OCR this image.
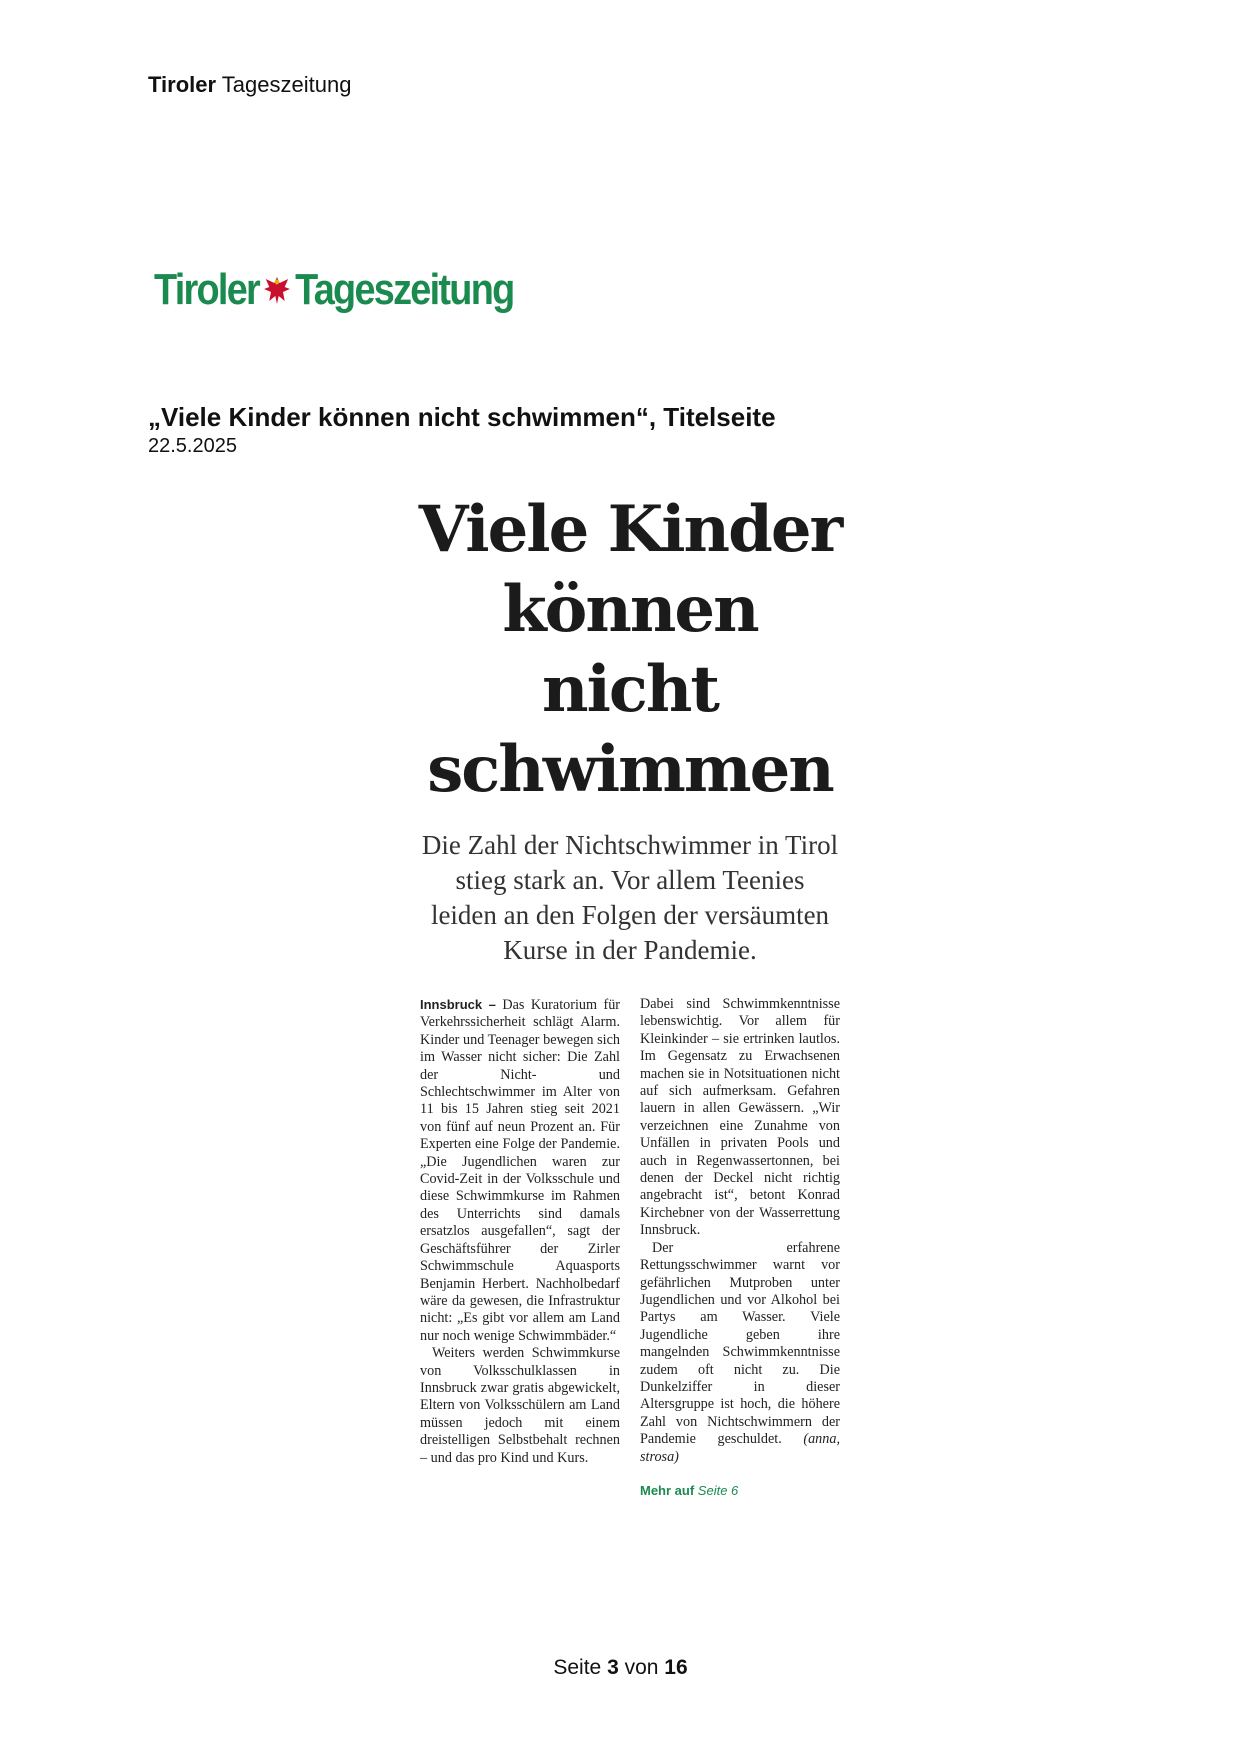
Tiroler Tageszeitung
Tiroler Tageszeitung
„Viele Kinder können nicht schwimmen“, Titelseite
22.5.2025
Viele Kinder können nicht schwimmen
Die Zahl der Nichtschwimmer in Tirol stieg stark an. Vor allem Teenies leiden an den Folgen der versäumten Kurse in der Pandemie.

Innsbruck – Das Kuratorium für Verkehrssicherheit schlägt Alarm. Kinder und Teenager bewegen sich im Wasser nicht sicher: Die Zahl der Nicht- und Schlechtschwimmer im Alter von 11 bis 15 Jahren stieg seit 2021 von fünf auf neun Prozent an. Für Experten eine Folge der Pandemie. „Die Jugendlichen waren zur Covid-Zeit in der Volksschule und diese Schwimmkurse im Rahmen des Unterrichts sind damals ersatzlos ausgefallen“, sagt der Geschäftsführer der Zirler Schwimmschule Aquasports Benjamin Herbert. Nachholbedarf wäre da gewesen, die Infrastruktur nicht: „Es gibt vor allem am Land nur noch wenige Schwimmbäder.“

Weiters werden Schwimmkurse von Volksschulklassen in Innsbruck zwar gratis abgewickelt, Eltern von Volksschülern am Land müssen jedoch mit einem dreistelligen Selbstbehalt rechnen – und das pro Kind und Kurs.

Dabei sind Schwimmkenntnisse lebenswichtig. Vor allem für Kleinkinder – sie ertrinken lautlos. Im Gegensatz zu Erwachsenen machen sie in Notsituationen nicht auf sich aufmerksam. Gefahren lauern in allen Gewässern. „Wir verzeichnen eine Zunahme von Unfällen in privaten Pools und auch in Regenwassertonnen, bei denen der Deckel nicht richtig angebracht ist“, betont Konrad Kirchebner von der Wasserrettung Innsbruck.

Der erfahrene Rettungsschwimmer warnt vor gefährlichen Mutproben unter Jugendlichen und vor Alkohol bei Partys am Wasser. Viele Jugendliche geben ihre mangelnden Schwimmkenntnisse zudem oft nicht zu. Die Dunkelziffer in dieser Altersgruppe ist hoch, die höhere Zahl von Nichtschwimmern der Pandemie geschuldet. (anna, strosa)

Mehr auf Seite 6
Seite 3 von 16
